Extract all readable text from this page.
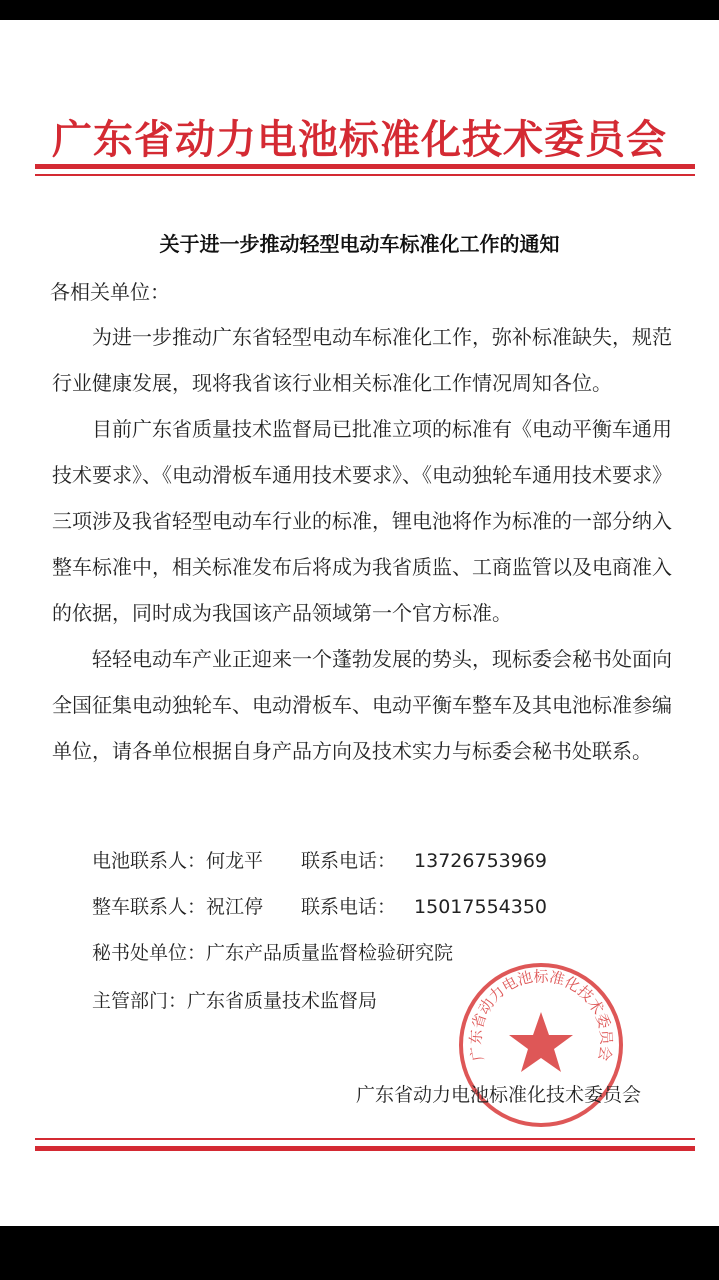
广东省动力电池标准化技术委员会
关于进一步推动轻型电动车标准化工作的通知
各相关单位：

为进一步推动广东省轻型电动车标准化工作，弥补标准缺失，规范行业健康发展，现将我省该行业相关标准化工作情况周知各位。

目前广东省质量技术监督局已批准立项的标准有《电动平衡车通用技术要求》、《电动滑板车通用技术要求》、《电动独轮车通用技术要求》三项涉及我省轻型电动车行业的标准，锂电池将作为标准的一部分纳入整车标准中，相关标准发布后将成为我省质监、工商监管以及电商准入的依据，同时成为我国该产品领域第一个官方标准。

轻轻电动车产业正迎来一个蓬勃发展的势头，现标委会秘书处面向全国征集电动独轮车、电动滑板车、电动平衡车整车及其电池标准参编单位，请各单位根据自身产品方向及技术实力与标委会秘书处联系。

电池联系人：何龙平　　 联系电话： 13726753969
整车联系人：祝江停　　 联系电话： 15017554350
秘书处单位：广东产品质量监督检验研究院
主管部门：广东省质量技术监督局
广东省动力电池标准化技术委员会
广东省动力电池标准化技术委员会
